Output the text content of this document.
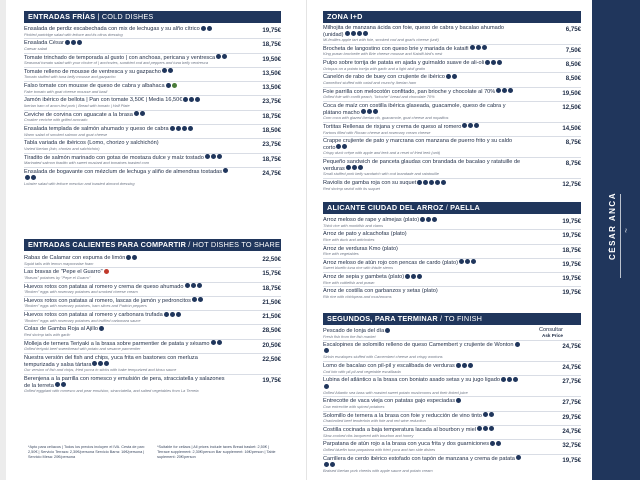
ENTRADAS FRÍAS | COLD DISHES
Ensalada de perdiz escabechada con mix de lechugas y su alño cítrico
Pickled partridge salad with lettuce and its citrus dressing
19,75€
Ensalada César
Caesar salad
18,75€
Tomate trinchado de temporada al gusto | con anchoas, pericana y ventresca
Seasonal tomato salad with your choice of | anchovies, sundried cod and peppers and tuna belly ventresca
19,50€
Tomate relleno de mousse de ventresca y su gazpacho
Tomato stuffed with tuna belly mousse and gazpacho
13,50€
Falso tomate con mousse de queso de cabra y albahaca
Fake tomato with goat cheese mousse and basil
13,50€
Jamón ibérico de bellota | Pan con tomate 3,50€ | Media 16,50€
Iberian ham of acorn-fed pork | Bread with tomato | Half Plate
23,75€
Ceviche de corvina con aguacate a la brasa
Croaker ceviche with grilled avocado
18,75€
Ensalada templada de salmón ahumado y queso de cabra
Warm salad of smoked salmon and goat cheese
18,50€
Tabla variada de ibéricos (Lomo, chorizo y salchichón)
Varied Iberian (loin, chorizo and salchichón)
23,75€
Tiradito de salmón marinado con gotas de mostaza dulce y maíz tostado
Marinated salmon tiradito with sweet mustard and tomatoes toasted corn
18,75€
Ensalada de bogavante con mézclum de lechuga y aliño de almendras tostadas
Lobster salad with lettuce mesclun and toasted almond dressing
24,75€
ENTRADAS CALIENTES PARA COMPARTIR / HOT DISHES TO SHARE
Rabas de Calamar con espuma de limón
Squid tails with lemon mayonnaise foam
22,50€
Las bravas de "Pepe el Guarro"
"Bravas" potatoes by "Pepe el Guarro"
15,75€
Huevos rotos con patatas al romero y crema de queso ahumado
"Broken" eggs with rosemary potatoes and smoked cheese cream
18,75€
Huevos rotos con patatas al romero, lascas de jamón y pedroncitos
"Broken" eggs with rosemary potatoes, ham slices and Padrón peppers
21,50€
Huevos rotos con patatas al romero y carbonara trufada
"Broken" eggs with rosemary potatoes and truffled carbonara sauce
21,50€
Colas de Gamba Roja al Ajillo
Red shrimp tails with garlic
28,50€
Molleja de ternera Teriyaki a la brasa sobre parmentier de patata y sésamo
Grilled teriyaki beef sweetbread with potato and sesame parmentier
20,50€
Nuestra versión del fish and chips, yuca frita en bastones con merluza tempurizada y salsa tártara
Our version of fish and chips, fried yucca in sticks with hake tempurized and kiosu sauce
22,50€
Berenjena a la parrilla con romesco y emulsión de pera, stracciatella y salazones de la terreta
Grilled eggplant with romesco and pear emulsion, stracciatella, and salted vegetables from La Terreta
19,75€
*Apto para celíacos | Todos los precios incluyen el IVA. Cesta de pan: 2,50€ | Servicio Terraza: 2,30€/persona Servicio Barra: 16€/persona | Servicio Mesa: 20€/persona *Suitable for celiacs | All prices include taxes Bread basket: 2,50€ | Terrace supplement: 2,30€/person Bar supplement: 16€/person | Table suplement: 20€/person
ZONA I+D
Milhojita de manzana ácida con foie, queso de cabra y bacalao ahumado (unidad)
Mi-feuilles apple tart with foie, smoked cod and goat's cheese (unit)
6,75€
Brocheta de langostino con queso brie y mariada de kataifi
King prawn brochette with Brie cheese mousse and Kataifi bird's nest
7,50€
Pulpo sobre torrija de patata en ajada y guirnaldo suave de ali-oli
Octopus on a potato torrija with garlic and a light aioli gratin
8,50€
Canelón de rabo de buey con crujiente de ibérico
Cannelloni stuffed with oxtail and crunchy Iberian ham
8,50€
Foie parrilla con melocotón confitado, pan brioche y chocolate al 70%
Grilled foie with confit peach, "brioche" bread and chocolate 70%
19,50€
Coca de maíz con costilla ibérica glaseada, guacamole, queso de cabra y plátano macho
Corn coca with glazed Iberian rib, guacamole, goat cheese and nopalitos
12,50€
Tortitas Rellenas de rixjana y crema de queso al romero
Fartons filled with Rioxan cheese and rosemary cream cheese
14,50€
Crappe crujiente de pato y marcrana con manzana de puerro frito y su caldo corto
Crispy duck crêpe with apple and leek and a reset of fried leek (unit)
8,75€
Pequeño sandwich de panceta glaudas con brandada de bacalao y ratatuille de verduras
Small stuffed pork belly sandwich with cod brandade and ratatouille
8,75€
Raviolis de gamba roja con su suquet
Red shrimp ravioli with its suquet
12,75€
ALICANTE CIUDAD DEL ARROZ / PAELLA
Arroz meloso de rape y almejas (plato)
Thick rice with monkfish and clams
19,75€
Arroz de pato y alcachofas (plato)
Rice with duck and artichokes
19,75€
Arroz de verduras Kmo (plato)
Rice with vegetables
18,75€
Arroz meloso de atún rojo con pencas de cardo (plato)
Sweet bluefin tuna rice with thistle stems
19,75€
Arroz de sepia y gambeta (plato)
Rice with cuttlefish and prawn
19,75€
Arroz de costilla con garbanzos y setas (plato)
Rib rice with chickpeas and mushrooms
19,75€
SEGUNDOS, PARA TERMINAR / TO FINISH
Consultar
Ask Price
Pescado de lonja del día
Fresh fish from the fish market
Escalopines de solomillo relleno de queso Camembert y crujiente de Wonton
Sirloin escalopes stuffed with Camembert cheese and crispy wontons
24,75€
Lomo de bacalao con pil-pil y escalibada de verduras
Cod loin with pil-pil and vegetable escalibada
24,75€
Lubina del atlántico a la brasa con boniato asado setas y su jugo ligado
Grilled Atlantic sea bass with roasted sweet potato mushrooms and their linked juice
27,75€
Entrecotte de vaca vieja con patatas gajo especiadas
Cow entrecôte with spiced potatoes
27,75€
Solomillo de ternera a la brasa con foie y reducción de vino tinto
Charbroiled beef tenderloin with foie and red wine reduction
29,75€
Costilla cocinada a baja temperatura lacada al bourbon y miel
Slow-cooked ribs lacquered with bourbon and honey
24,75€
Parpatana de atún rojo a la brasa con yuca frita y dos guarniciones
Grilled bluefin tuna parpatana with fried yuca and two side dishes
32,75€
Carrillera de cerdo ibérico estofado con tapón de manzana y crema de patata
Braised Iberian pork cheeks with apple sauce and potato cream
19,75€
CÉSAR ANCA ~
